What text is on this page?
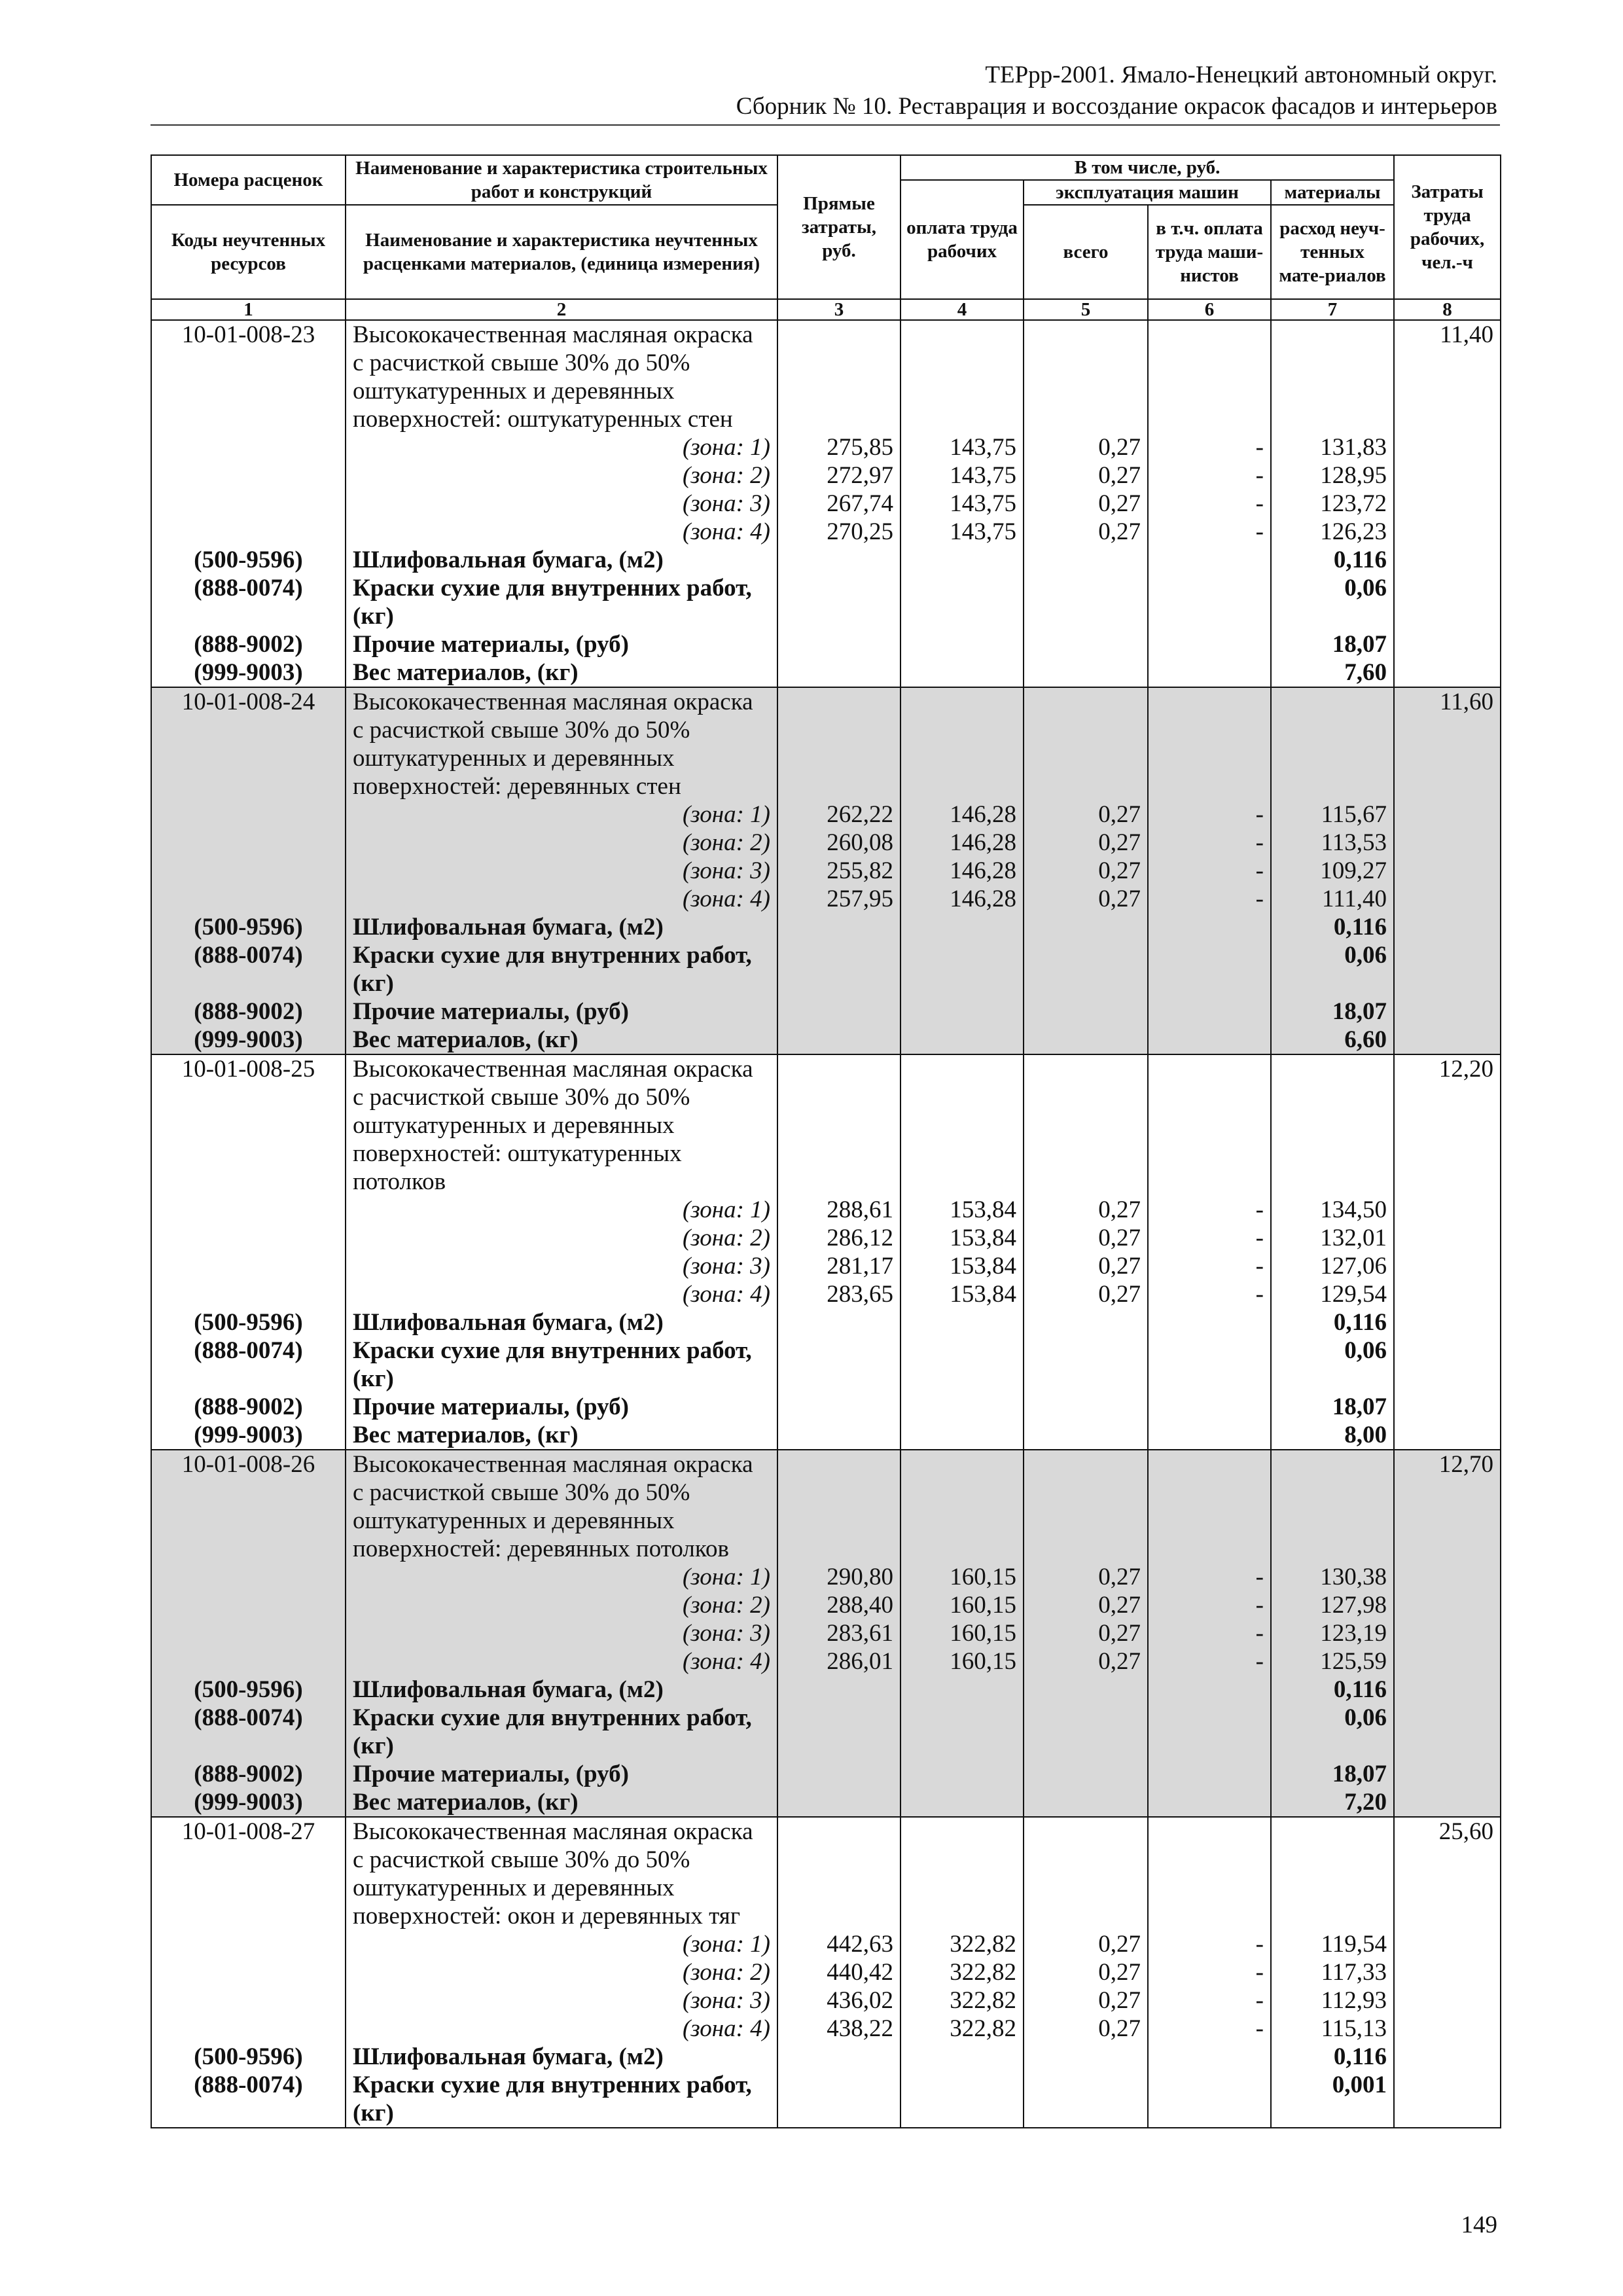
ТЕРрр-2001. Ямало-Ненецкий автономный округ.
Сборник № 10. Реставрация и воссоздание окрасок фасадов и интерьеров
Номера расценок	Наименование и характеристика строительных работ и конструкций	Прямые затраты, руб.	В том числе, руб.				Затраты труда рабочих, чел.-ч
			оплата труда рабочих	эксплуатация машин		материалы	
Коды неучтенных ресурсов	Наименование и характеристика неучтенных расценками материалов, (единица измерения)			всего	в т.ч. оплата труда маши-нистов	расход неуч-тенных мате-риалов	

1	2	3	4	5	6	7	8
10-01-008-23	Высококачественная масляная окраска						11,40
	с расчисткой свыше 30% до 50%						
	оштукатуренных и деревянных						
	поверхностей: оштукатуренных стен						
	(зона: 1)	275,85	143,75	0,27	-	131,83	
	(зона: 2)	272,97	143,75	0,27	-	128,95	
	(зона: 3)	267,74	143,75	0,27	-	123,72	
	(зона: 4)	270,25	143,75	0,27	-	126,23	
(500-9596)	Шлифовальная бумага, (м2)					0,116	
(888-0074)	Краски сухие для внутренних работ,					0,06	
	(кг)						
(888-9002)	Прочие материалы, (руб)					18,07	
(999-9003)	Вес материалов, (кг)					7,60	
10-01-008-24	Высококачественная масляная окраска						11,60
	с расчисткой свыше 30% до 50%						
	оштукатуренных и деревянных						
	поверхностей: деревянных стен						
	(зона: 1)	262,22	146,28	0,27	-	115,67	
	(зона: 2)	260,08	146,28	0,27	-	113,53	
	(зона: 3)	255,82	146,28	0,27	-	109,27	
	(зона: 4)	257,95	146,28	0,27	-	111,40	
(500-9596)	Шлифовальная бумага, (м2)					0,116	
(888-0074)	Краски сухие для внутренних работ,					0,06	
	(кг)						
(888-9002)	Прочие материалы, (руб)					18,07	
(999-9003)	Вес материалов, (кг)					6,60	
10-01-008-25	Высококачественная масляная окраска						12,20
	с расчисткой свыше 30% до 50%						
	оштукатуренных и деревянных						
	поверхностей: оштукатуренных						
	потолков						
	(зона: 1)	288,61	153,84	0,27	-	134,50	
	(зона: 2)	286,12	153,84	0,27	-	132,01	
	(зона: 3)	281,17	153,84	0,27	-	127,06	
	(зона: 4)	283,65	153,84	0,27	-	129,54	
(500-9596)	Шлифовальная бумага, (м2)					0,116	
(888-0074)	Краски сухие для внутренних работ,					0,06	
	(кг)						
(888-9002)	Прочие материалы, (руб)					18,07	
(999-9003)	Вес материалов, (кг)					8,00	
10-01-008-26	Высококачественная масляная окраска						12,70
	с расчисткой свыше 30% до 50%						
	оштукатуренных и деревянных						
	поверхностей: деревянных потолков						
	(зона: 1)	290,80	160,15	0,27	-	130,38	
	(зона: 2)	288,40	160,15	0,27	-	127,98	
	(зона: 3)	283,61	160,15	0,27	-	123,19	
	(зона: 4)	286,01	160,15	0,27	-	125,59	
(500-9596)	Шлифовальная бумага, (м2)					0,116	
(888-0074)	Краски сухие для внутренних работ,					0,06	
	(кг)						
(888-9002)	Прочие материалы, (руб)					18,07	
(999-9003)	Вес материалов, (кг)					7,20	
10-01-008-27	Высококачественная масляная окраска						25,60
	с расчисткой свыше 30% до 50%						
	оштукатуренных и деревянных						
	поверхностей: окон и деревянных тяг						
	(зона: 1)	442,63	322,82	0,27	-	119,54	
	(зона: 2)	440,42	322,82	0,27	-	117,33	
	(зона: 3)	436,02	322,82	0,27	-	112,93	
	(зона: 4)	438,22	322,82	0,27	-	115,13	
(500-9596)	Шлифовальная бумага, (м2)					0,116	
(888-0074)	Краски сухие для внутренних работ,					0,001	
	(кг)						
149
